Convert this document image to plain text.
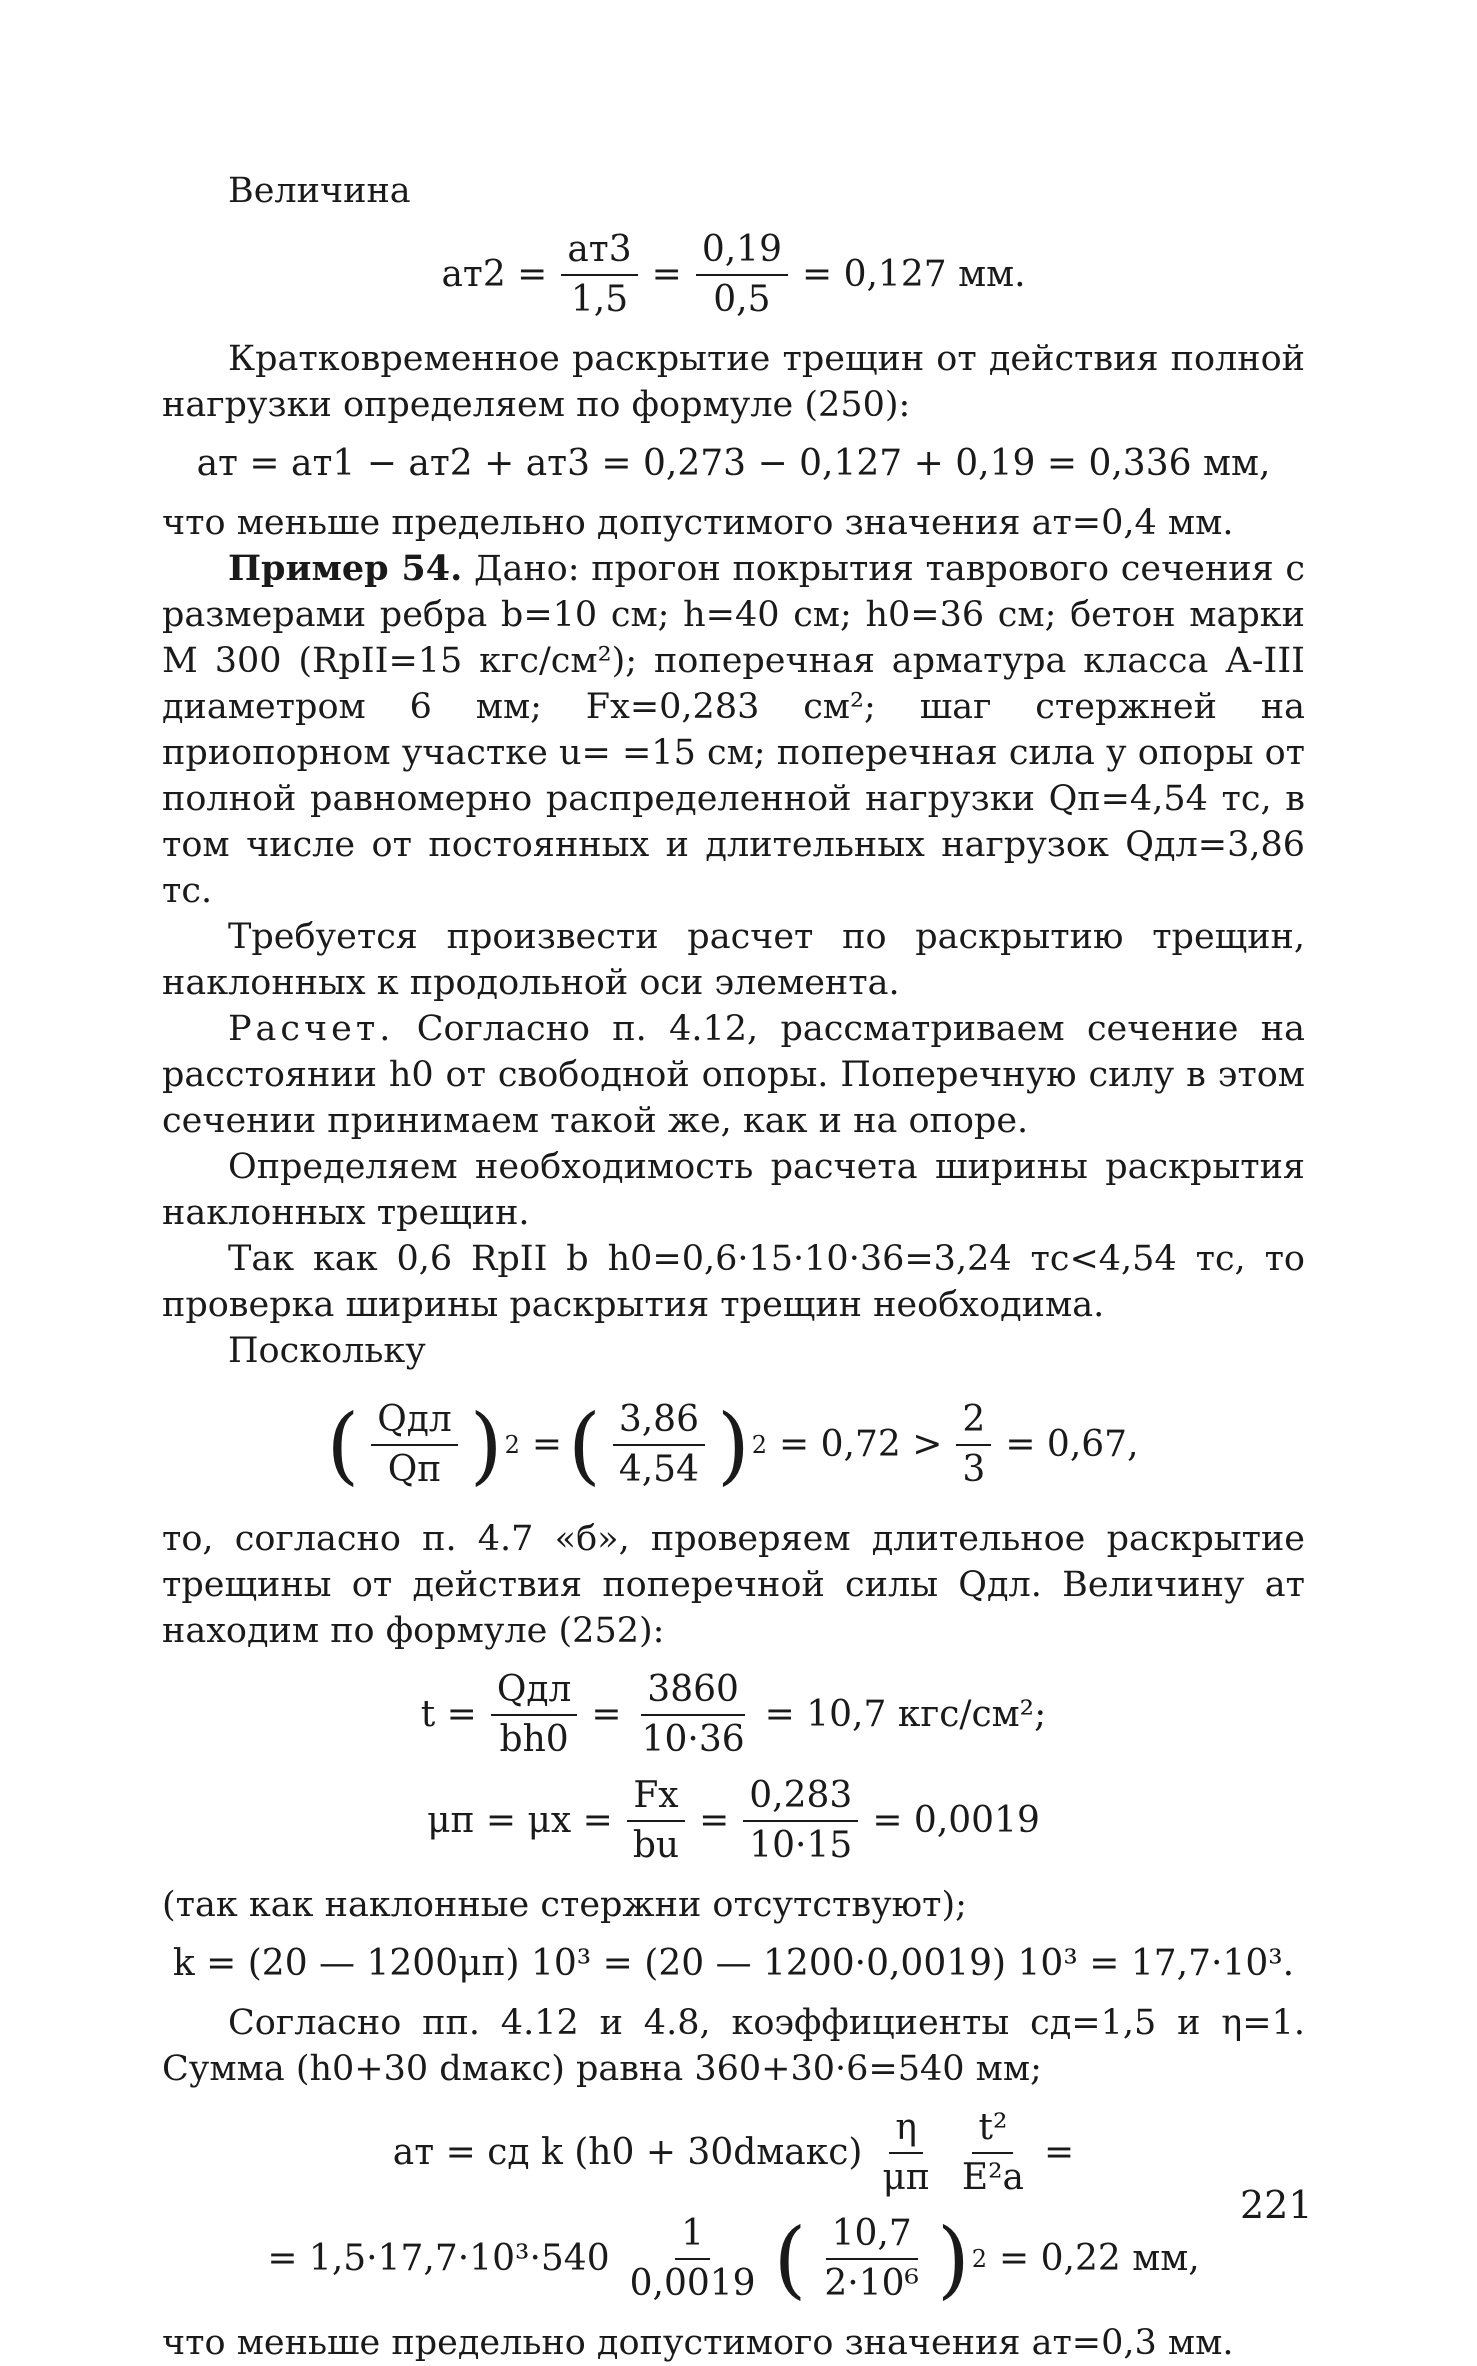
Величина

$aт2 = \frac{aт3}{1,5} = \frac{0,19}{0,5} = 0,127$ мм.

Кратковременное раскрытие трещин от действия полной нагрузки определяем по формуле (250):

aт = aт1 − aт2 + aт3 = 0,273 − 0,127 + 0,19 = 0,336 мм,

что меньше предельно допустимого значения aт=0,4 мм.

Пример 54. Дано: прогон покрытия таврового сечения с размерами ребра b=10 см; h=40 см; h0=36 см; бетон марки М 300 (RрII=15 кгс/см²); поперечная арматура класса А-III диаметром 6 мм; Fx=0,283 см²; шаг стержней на приопорном участке u= =15 см; поперечная сила у опоры от полной равномерно распределенной нагрузки Qп=4,54 тс, в том числе от постоянных и длительных нагрузок Qдл=3,86 тс.

Требуется произвести расчет по раскрытию трещин, наклонных к продольной оси элемента.

Расчет. Согласно п. 4.12, рассматриваем сечение на расстоянии h0 от свободной опоры. Поперечную силу в этом сечении принимаем такой же, как и на опоре.

Определяем необходимость расчета ширины раскрытия наклонных трещин.

Так как 0,6 RрII b h0=0,6·15·10·36=3,24 тс<4,54 тс, то проверка ширины раскрытия трещин необходима.

Поскольку

( $\frac{\text{Qдл}}{Qп}$ ) 2 = ( $\frac{3,86}{4,54}$ ) $2 = 0,72 > \frac{2}{3} = 0,67$,

то, согласно п. 4.7 «б», проверяем длительное раскрытие трещины от действия поперечной силы Qдл. Величину aт находим по формуле (252):

$t = \frac{\text{Qдл}}{bh0} = \frac{3860}{10\cdot 36} = 10,7$ кгс/см²;
$\mu п = \mu x = \frac{Fx}{bu} = \frac{0,283}{10\cdot 15} = 0,0019$

(так как наклонные стержни отсутствуют);

k = (20 — 1200μп) 10³ = (20 — 1200·0,0019) 10³ = 17,7·10³.

Согласно пп. 4.12 и 4.8, коэффициенты cд=1,5 и η=1. Сумма (h0+30 dмакс) равна 360+30·6=540 мм;

aт = cд k (h0 + 30dмакс) $\frac{\eta}{\mu п} \frac{\text{t²}}{\text{E²а}}$ =
= $1,5\cdot 17,7\cdot 10^3\cdot 540 \frac{1}{0,0019}$ ( $\frac{10,7}{\text{2·10⁶}}$ ) 2 = 0,22 мм,

что меньше предельно допустимого значения aт=0,3 мм.

221
